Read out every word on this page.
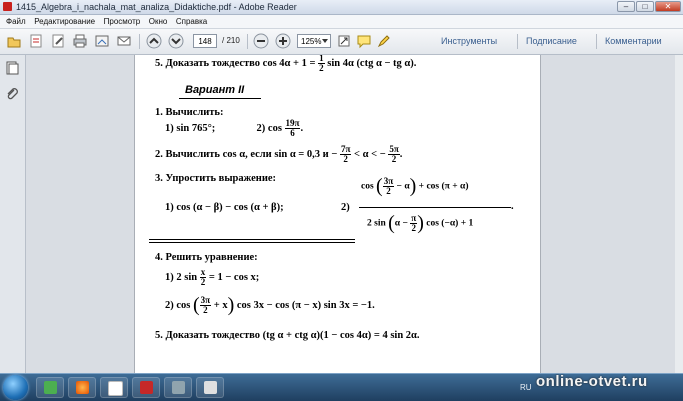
1415_Algebra_i_nachala_mat_analiza_Didaktiche.pdf - Adobe Reader	–	□	✕
Файл Редактирование Просмотр Окно Справка
148	/ 210	125%	Инструменты	Подписание	Комментарии
5. Доказать тождество $\cos 4\alpha + 1 = \frac{1}{2}$ sin 4α (ctg α − tg α).
Вариант II
1. Вычислить:
1) sin 765°;	2) $\cos \frac{19\pi}{6}$ .
2. Вычислить cos α, если sin α = 0,3 $и - \frac{7\pi}{2} < \alpha$ < − $\frac{5\pi}{2}$ .
3. Упростить выражение:
1) cos (α − β) − cos (α + β);	2)
cos ( $\frac{3\pi}{2} - \alpha) + \cos (\pi + \alpha)$
.
2 $\sin (\alpha - \frac{\pi}{2}$ ) cos (−α) + 1
4. Решить уравнение:
1) 2 $\sin \frac{x}{2} = 1 - \cos x$;
2) cos ( $\frac{3\pi}{2} + x$) cos 3x − cos (π − x) sin 3x = −1.
5. Доказать тождество (tg α + ctg α)(1 − cos 4α) = 4 sin 2α.
RU online-otvet.ru
